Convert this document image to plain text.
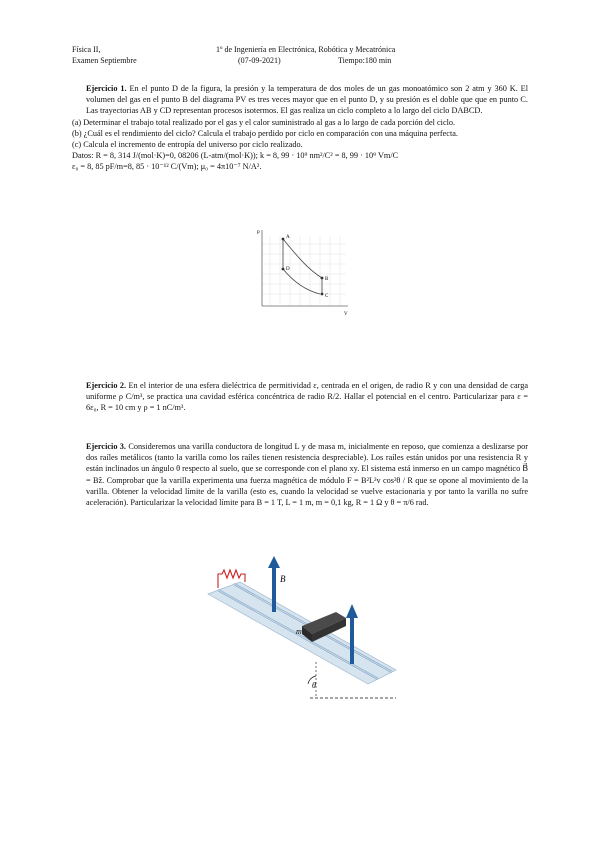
Física II,
Examen Septiembre
1º de Ingeniería en Electrónica, Robótica y Mecatrónica
(07-09-2021)	Tiempo:180 min

Ejercicio 1. En el punto D de la figura, la presión y la temperatura de dos moles de un gas monoatómico son 2 atm y 360 K. El volumen del gas en el punto B del diagrama PV es tres veces mayor que en el punto D, y su presión es el doble que que en punto C. Las trayectorias AB y CD representan procesos isotermos. El gas realiza un ciclo completo a lo largo del ciclo DABCD.

(a) Determinar el trabajo total realizado por el gas y el calor suministrado al gas a lo largo de cada porción del ciclo.

(b) ¿Cuál es el rendimiento del ciclo? Calcula el trabajo perdido por ciclo en comparación con una máquina perfecta.

(c) Calcula el incremento de entropía del universo por ciclo realizado.

Datos: R = 8, 314 J/(mol·K)=0, 08206 (L-atm/(mol·K)); k = 8, 99 · 10⁹ nm²/C² = 8, 99 · 10⁹ Vm/C

ε₀ = 8, 85 pF/m=8, 85 · 10⁻¹² C/(Vm); μ₀ = 4π10⁻⁷ N/A².

P
V
A
D
B
C

Ejercicio 2. En el interior de una esfera dieléctrica de permitividad ε, centrada en el origen, de radio R y con una densidad de carga uniforme ρ C/m³, se practica una cavidad esférica concéntrica de radio R/2. Hallar el potencial en el centro. Particularizar para ε = 6ε₀, R = 10 cm y ρ = 1 nC/m³.

Ejercicio 3. Consideremos una varilla conductora de longitud L y de masa m, inicialmente en reposo, que comienza a deslizarse por dos raíles metálicos (tanto la varilla como los raíles tienen resistencia despreciable). Los raíles están unidos por una resistencia R y están inclinados un ángulo θ respecto al suelo, que se corresponde con el plano xy. El sistema está inmerso en un campo magnético B⃗ = Bẑ. Comprobar que la varilla experimenta una fuerza magnética de módulo F = B²L²v cos²θ / R que se opone al movimiento de la varilla. Obtener la velocidad límite de la varilla (esto es, cuando la velocidad se vuelve estacionaria y por tanto la varilla no sufre aceleración). Particularizar la velocidad límite para B = 1 T, L = 1 m, m = 0,1 kg, R = 1 Ω y θ = π/6 rad.

B⃗
m
θ
